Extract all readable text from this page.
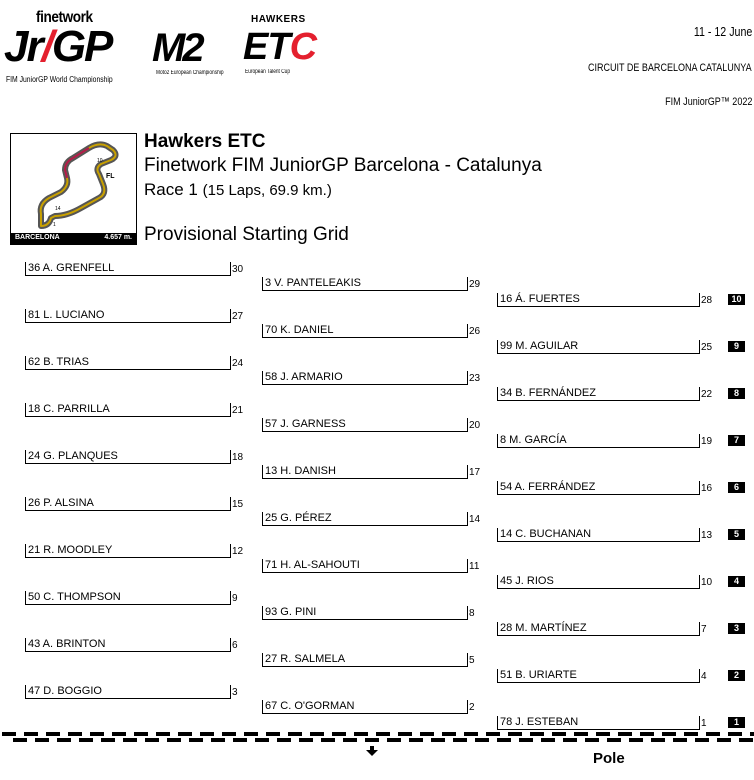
finetwork
Jr/GP
FIM JuniorGP World Championship
M2
Moto2 European Championship
HAWKERS
ETC
European Talent Cup
11 - 12 June
CIRCUIT DE BARCELONA CATALUNYA
FIM JuniorGP™ 2022
FL
1
10
14
BARCELONA	4.657 m.
Hawkers ETC
Finetwork FIM JuniorGP Barcelona - Catalunya
Race 1 (15 Laps, 69.9 km.)
Provisional Starting Grid
36 A. GRENFELL	30
81 L. LUCIANO	27
62 B. TRIAS	24
18 C. PARRILLA	21
24 G. PLANQUES	18
26 P. ALSINA	15
21 R. MOODLEY	12
50 C. THOMPSON	9
43 A. BRINTON	6
47 D. BOGGIO	3
3 V. PANTELEAKIS	29
70 K. DANIEL	26
58 J. ARMARIO	23
57 J. GARNESS	20
13 H. DANISH	17
25 G. PÉREZ	14
71 H. AL-SAHOUTI	11
93 G. PINI	8
27 R. SALMELA	5
67 C. O'GORMAN	2
16 Á. FUERTES	28	10
99 M. AGUILAR	25	9
34 B. FERNÁNDEZ	22	8
8 M. GARCÍA	19	7
54 A. FERRÁNDEZ	16	6
14 C. BUCHANAN	13	5
45 J. RIOS	10	4
28 M. MARTÍNEZ	7	3
51 B. URIARTE	4	2
78 J. ESTEBAN	1	1
Pole
